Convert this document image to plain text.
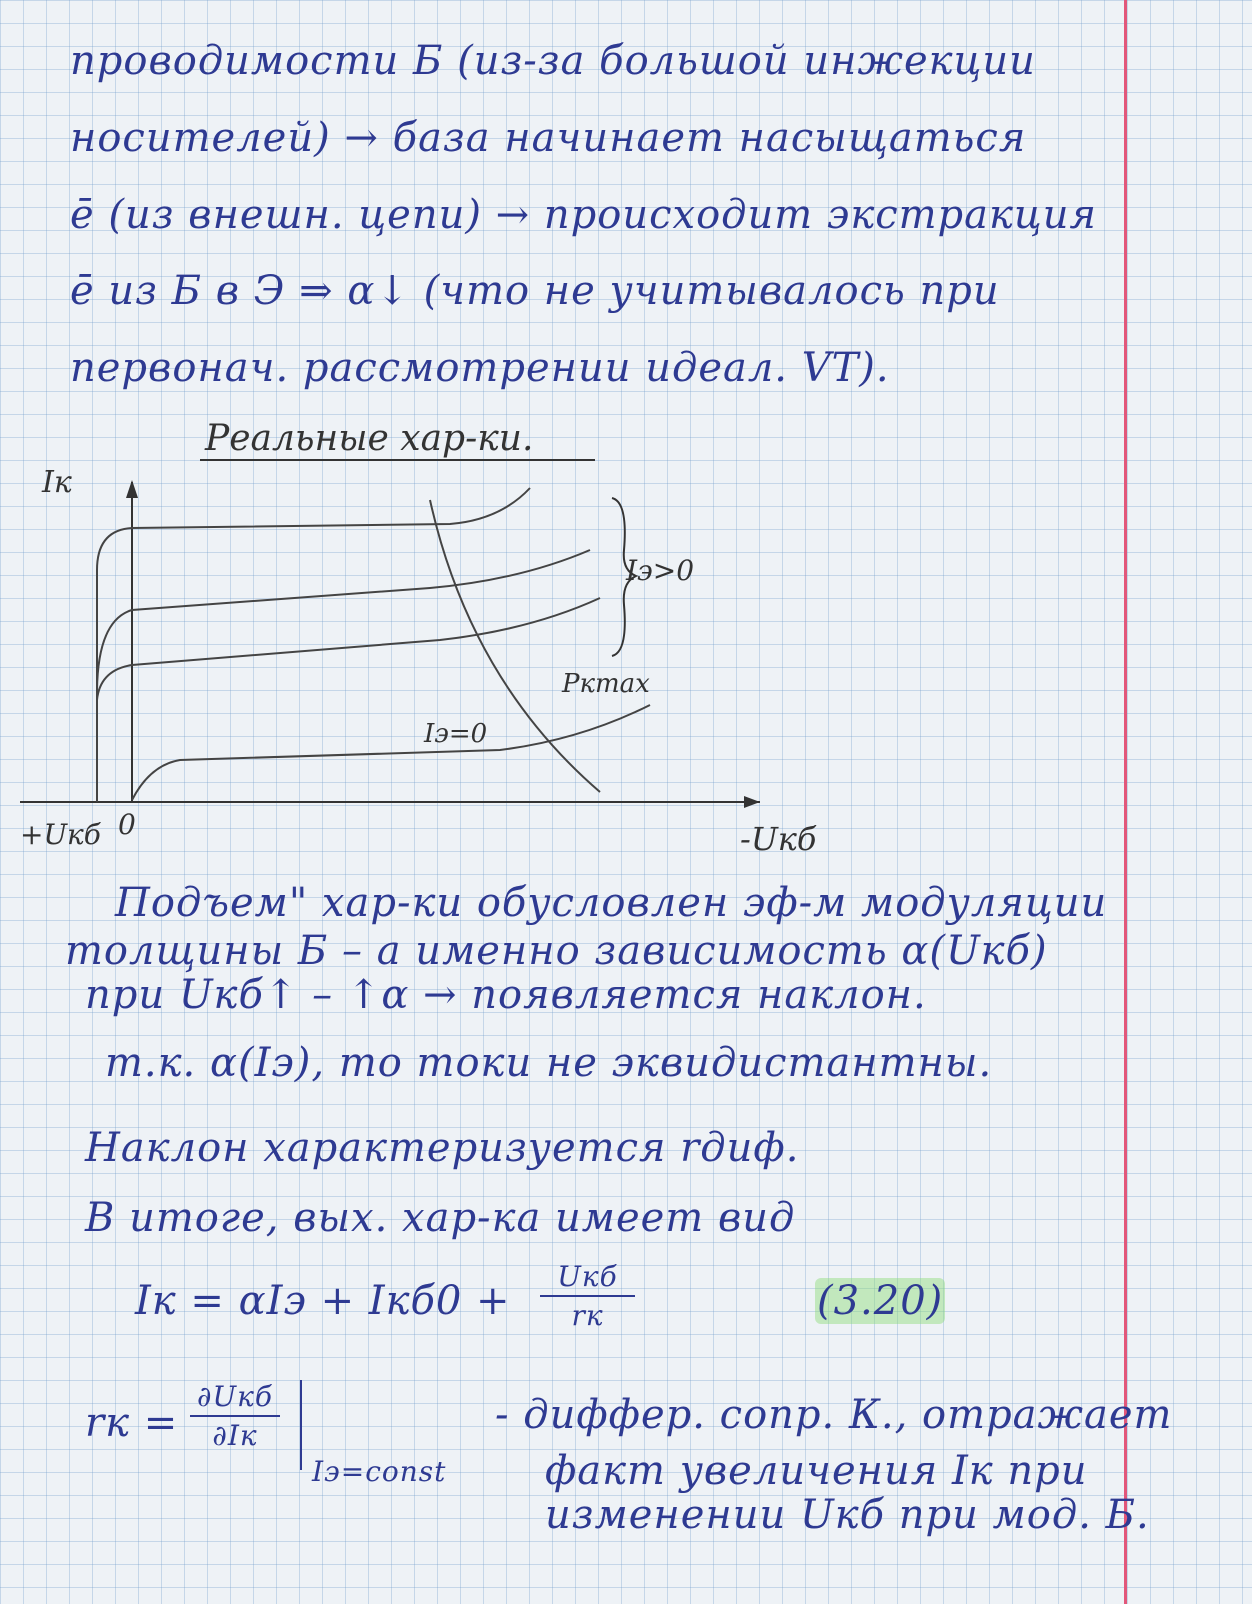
проводимости Б (из-за большой инжекции
носителей) → база начинает насыщаться
ē (из внешн. цепи) → происходит экстракция
ē из Б в Э ⇒ α↓ (что не учитывалось при
первонач. рассмотрении идеал. VT).
Реальные хар-ки.
Iк
+Uкб 0	-Uкб
Iэ>0
Iэ=0
Pкmax
Подъем" хар-ки обусловлен эф-м модуляции
толщины Б – а именно зависимость α(Uкб)
при Uкб↑ – ↑α → появляется наклон.
т.к. α(Iэ), то токи не эквидистантны.
Наклон характеризуется rдиф.
В итоге, вых. хар-ка имеет вид
Iк = αIэ + Iкб0 +
Uкб
rк	(3.20)
rк =
∂Uкб
∂Iк
Iэ=const
- диффер. сопр. К., отражает
факт увеличения Iк при
изменении Uкб при мод. Б.
